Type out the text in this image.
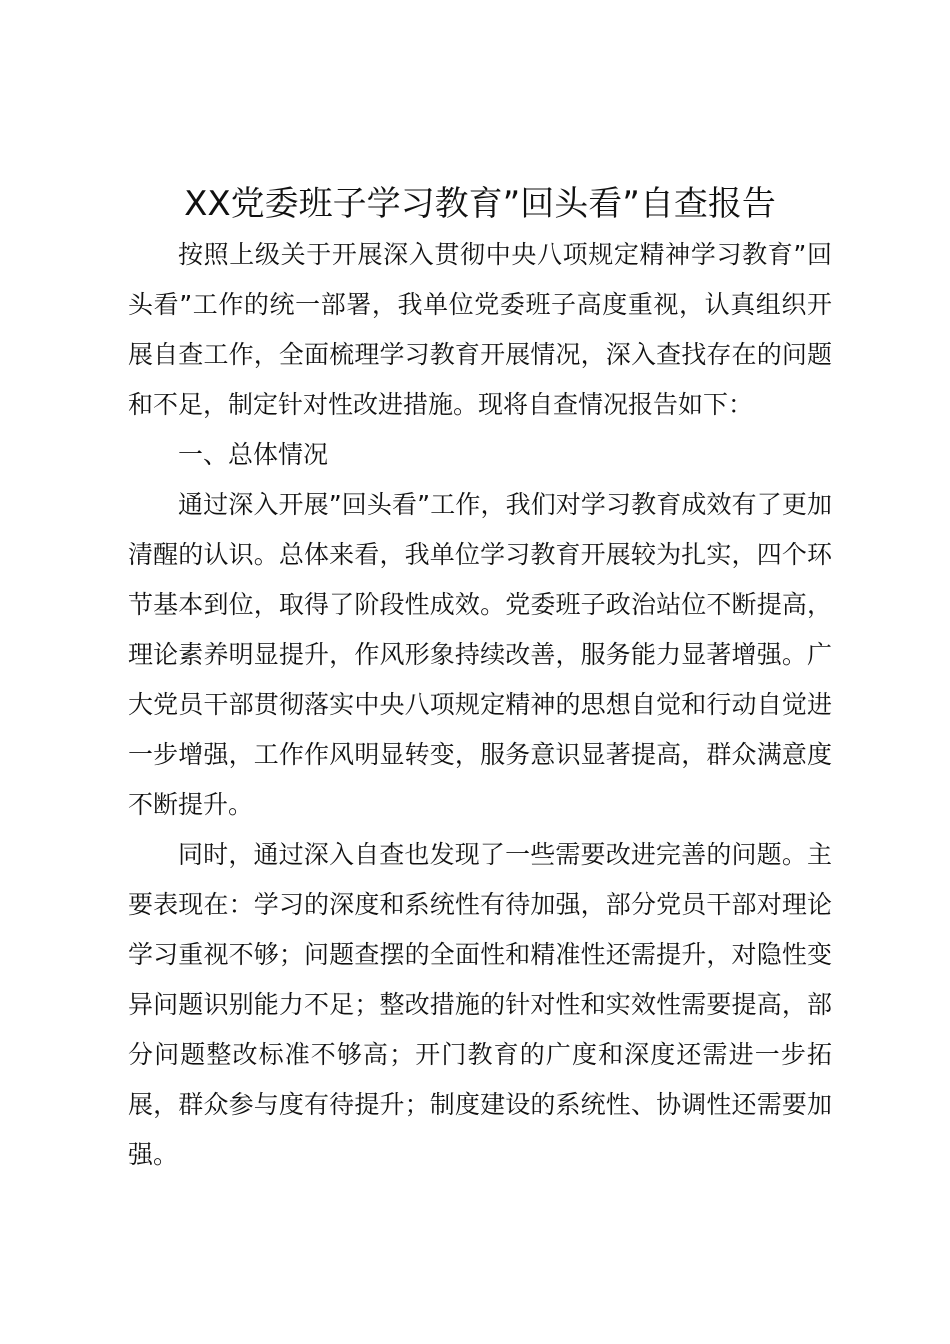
XX党委班子学习教育”回头看”自查报告

按照上级关于开展深入贯彻中央八项规定精神学习教育”回头看”工作的统一部署，我单位党委班子高度重视，认真组织开展自查工作，全面梳理学习教育开展情况，深入查找存在的问题和不足，制定针对性改进措施。现将自查情况报告如下：

一、总体情况

通过深入开展”回头看”工作，我们对学习教育成效有了更加清醒的认识。总体来看，我单位学习教育开展较为扎实，四个环节基本到位，取得了阶段性成效。党委班子政治站位不断提高，理论素养明显提升，作风形象持续改善，服务能力显著增强。广大党员干部贯彻落实中央八项规定精神的思想自觉和行动自觉进一步增强，工作作风明显转变，服务意识显著提高，群众满意度不断提升。

同时，通过深入自查也发现了一些需要改进完善的问题。主要表现在：学习的深度和系统性有待加强，部分党员干部对理论学习重视不够；问题查摆的全面性和精准性还需提升，对隐性变异问题识别能力不足；整改措施的针对性和实效性需要提高，部分问题整改标准不够高；开门教育的广度和深度还需进一步拓展，群众参与度有待提升；制度建设的系统性、协调性还需要加强。
